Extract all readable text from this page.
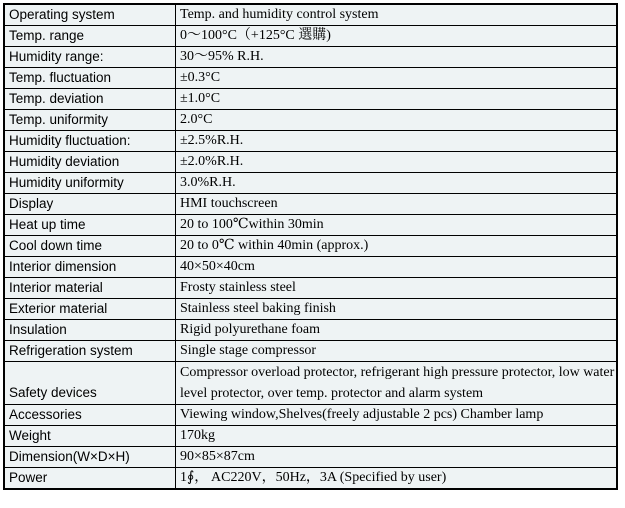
Operating system	Temp. and humidity control system
Temp. range	0～100°C（+125°C 選購)
Humidity range:	30～95% R.H.
Temp. fluctuation	±0.3°C
Temp. deviation	±1.0°C
Temp. uniformity	2.0°C
Humidity fluctuation:	±2.5%R.H.
Humidity deviation	±2.0%R.H.
Humidity uniformity	3.0%R.H.
Display	HMI touchscreen
Heat up time	20 to 100℃within 30min
Cool down time	20 to 0℃ within 40min (approx.)
Interior dimension	40×50×40cm
Interior material	Frosty stainless steel
Exterior material	Stainless steel baking finish
Insulation	Rigid polyurethane foam
Refrigeration system	Single stage compressor
Safety devices	Compressor overload protector, refrigerant high pressure protector, low water level protector, over temp. protector and alarm system
Accessories	Viewing window,Shelves(freely adjustable 2 pcs) Chamber lamp
Weight	170kg
Dimension(W×D×H)	90×85×87cm
Power	1∮， AC220V，50Hz，3A (Specified by user)
